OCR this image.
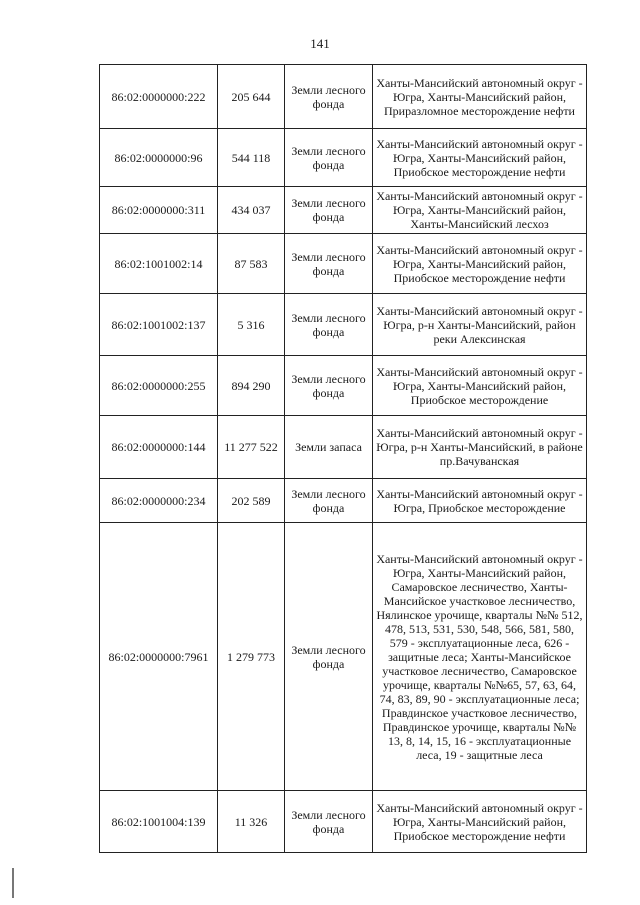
141
86:02:0000000:222	205 644	Земли лесного фонда	Ханты-Мансийский автономный округ - Югра, Ханты-Мансийский район, Приразломное месторождение нефти
86:02:0000000:96	544 118	Земли лесного фонда	Ханты-Мансийский автономный округ - Югра, Ханты-Мансийский район, Приобское месторождение нефти
86:02:0000000:311	434 037	Земли лесного фонда	Ханты-Мансийский автономный округ - Югра, Ханты-Мансийский район, Ханты-Мансийский лесхоз
86:02:1001002:14	87 583	Земли лесного фонда	Ханты-Мансийский автономный округ - Югра, Ханты-Мансийский район, Приобское месторождение нефти
86:02:1001002:137	5 316	Земли лесного фонда	Ханты-Мансийский автономный округ - Югра, р-н Ханты-Мансийский, район реки Алексинская
86:02:0000000:255	894 290	Земли лесного фонда	Ханты-Мансийский автономный округ - Югра, Ханты-Мансийский район, Приобское месторождение
86:02:0000000:144	11 277 522	Земли запаса	Ханты-Мансийский автономный округ - Югра, р-н Ханты-Мансийский, в районе пр.Вачуванская
86:02:0000000:234	202 589	Земли лесного фонда	Ханты-Мансийский автономный округ - Югра, Приобское месторождение
86:02:0000000:7961	1 279 773	Земли лесного фонда	Ханты-Мансийский автономный округ - Югра, Ханты-Мансийский район, Самаровское лесничество, Ханты-Мансийское участковое лесничество, Нялинское урочище, кварталы №№ 512, 478, 513, 531, 530, 548, 566, 581, 580, 579 - эксплуатационные леса, 626 - защитные леса; Ханты-Мансийское участковое лесничество, Самаровское урочище, кварталы №№65, 57, 63, 64, 74, 83, 89, 90 - эксплуатационные леса; Правдинское участковое лесничество, Правдинское урочище, кварталы №№ 13, 8, 14, 15, 16 - эксплуатационные леса, 19 - защитные леса
86:02:1001004:139	11 326	Земли лесного фонда	Ханты-Мансийский автономный округ - Югра, Ханты-Мансийский район, Приобское месторождение нефти
